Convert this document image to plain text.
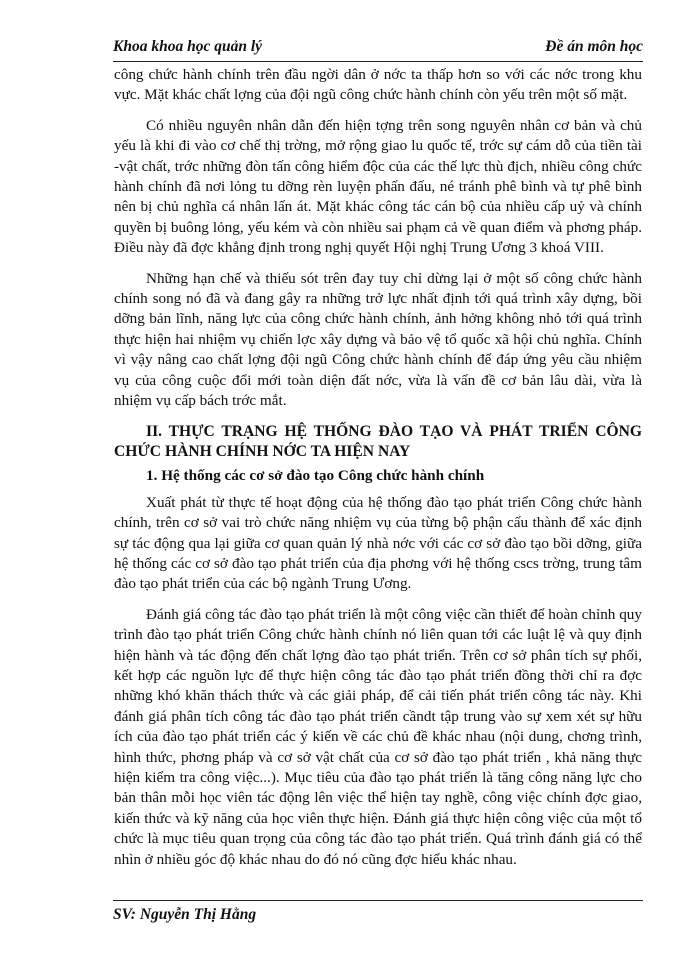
Khoa khoa học quản lý	Đề án môn học

công chức hành chính trên đầu ngời dân ở nớc ta thấp hơn so với các nớc trong khu vực. Mặt khác chất lợng của đội ngũ công chức hành chính còn yếu trên một số mặt.

Có nhiều nguyên nhân dẫn đến hiện tợng trên song nguyên nhân cơ bản và chủ yếu là khi đi vào cơ chế thị trờng, mở rộng giao lu quốc tế, trớc sự cám dỗ của tiền tài -vật chất, trớc những đòn tấn công hiểm độc của các thế lực thù địch, nhiều công chức hành chính đã nơi lỏng tu dỡng rèn luyện phấn đấu, né tránh phê bình và tự phê bình nên bị chủ nghĩa cá nhân lấn át. Mặt khác công tác cán bộ của nhiều cấp uỷ và chính quyền bị buông lỏng, yếu kém và còn nhiều sai phạm cả về quan điểm và phơng pháp. Điều này đã đợc khẳng định trong nghị quyết Hội nghị Trung Ương 3 khoá VIII.

Những hạn chế và thiếu sót trên đay tuy chỉ dừng lại ở một số công chức hành chính song nó đã và đang gây ra những trở lực nhất định tới quá trình xây dựng, bồi dỡng bản lĩnh, năng lực của công chức hành chính, ảnh hởng không nhỏ tới quá trình thực hiện hai nhiệm vụ chiến lợc xây dựng và bảo vệ tổ quốc xã hội chủ nghĩa. Chính vì vậy nâng cao chất lợng đội ngũ Công chức hành chính để đáp ứng yêu cầu nhiệm vụ của công cuộc đổi mới toàn diện đất nớc, vừa là vấn đề cơ bản lâu dài, vừa là nhiệm vụ cấp bách trớc mắt.

II. THỰC TRẠNG HỆ THỐNG ĐÀO TẠO VÀ PHÁT TRIỂN CÔNG CHỨC HÀNH CHÍNH NỚC TA HIỆN NAY

1. Hệ thống các cơ sở đào tạo Công chức hành chính

Xuất phát từ thực tế hoạt động của hệ thống đào tạo phát triển Công chức hành chính, trên cơ sở vai trò chức năng nhiệm vụ của từng bộ phận cấu thành để xác định sự tác động qua lại giữa cơ quan quản lý nhà nớc với các cơ sở đào tạo bồi dỡng, giữa hệ thống các cơ sở đào tạo phát triển của địa phơng với hệ thống cscs trờng, trung tâm đào tạo phát triển của các bộ ngành Trung Ương.

Đánh giá công tác đào tạo phát triển là một công việc cần thiết để hoàn chỉnh quy trình đào tạo phát triển Công chức hành chính nó liên quan tới các luật lệ và quy định hiện hành và tác động đến chất lợng đào tạo phát triển. Trên cơ sở phân tích sự phối, kết hợp các nguồn lực để thực hiện công tác đào tạo phát triển đồng thời chỉ ra đợc những khó khăn thách thức và các giải pháp, để cải tiến phát triển công tác này. Khi đánh giá phân tích công tác đào tạo phát triển cầndt tập trung vào sự xem xét sự hữu ích của đào tạo phát triển các ý kiến về các chủ đề khác nhau (nội dung, chơng trình, hình thức, phơng pháp và cơ sở vật chất của cơ sở đào tạo phát triển , khả năng thực hiện kiểm tra công việc...). Mục tiêu của đào tạo phát triển là tăng công năng lực cho bản thân mỗi học viên tác động lên việc thể hiện tay nghề, công việc chính đợc giao, kiến thức và kỹ năng của học viên thực hiện. Đánh giá thực hiện công việc của một tổ chức là mục tiêu quan trọng của công tác đào tạo phát triển. Quá trình đánh giá có thể nhìn ở nhiều góc độ khác nhau do đó nó cũng đợc hiểu khác nhau.

SV: Nguyễn Thị Hằng
